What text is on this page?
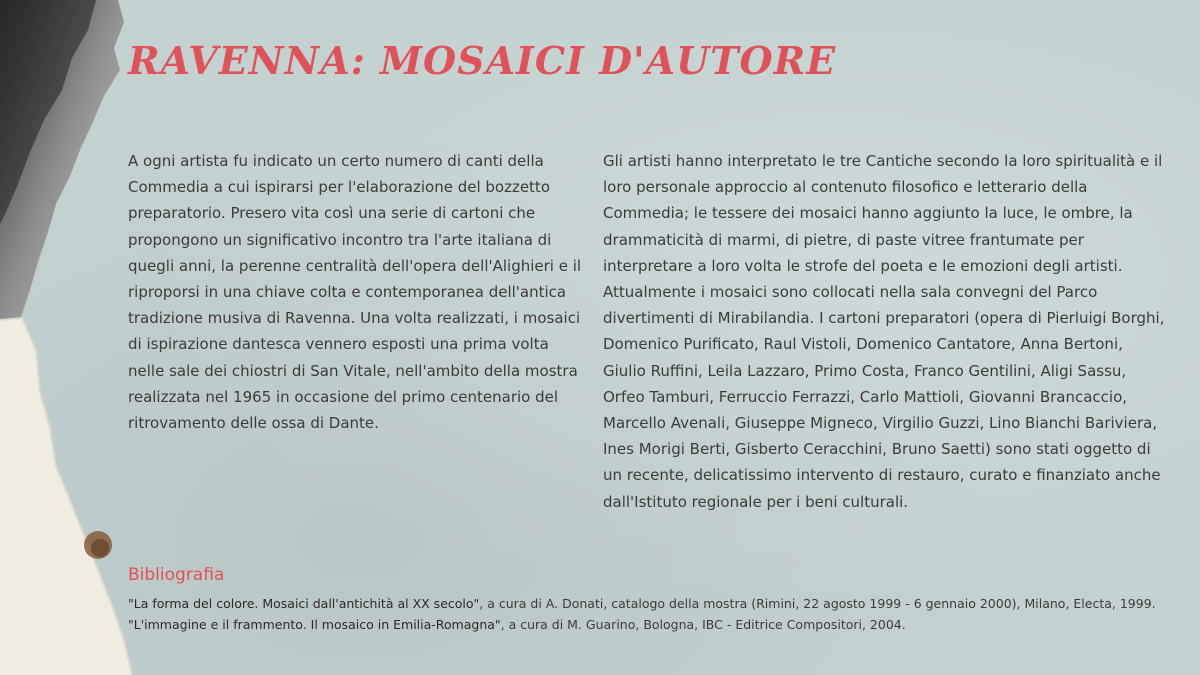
RAVENNA: MOSAICI D'AUTORE

A ogni artista fu indicato un certo numero di canti della Commedia a cui ispirarsi per l'elaborazione del bozzetto preparatorio. Presero vita così una serie di cartoni che propongono un significativo incontro tra l'arte italiana di quegli anni, la perenne centralità dell'opera dell'Alighieri e il riproporsi in una chiave colta e contemporanea dell'antica tradizione musiva di Ravenna. Una volta realizzati, i mosaici di ispirazione dantesca vennero esposti una prima volta nelle sale dei chiostri di San Vitale, nell'ambito della mostra realizzata nel 1965 in occasione del primo centenario del ritrovamento delle ossa di Dante.

Gli artisti hanno interpretato le tre Cantiche secondo la loro spiritualità e il loro personale approccio al contenuto filosofico e letterario della Commedia; le tessere dei mosaici hanno aggiunto la luce, le ombre, la drammaticità di marmi, di pietre, di paste vitree frantumate per interpretare a loro volta le strofe del poeta e le emozioni degli artisti. Attualmente i mosaici sono collocati nella sala convegni del Parco divertimenti di Mirabilandia. I cartoni preparatori (opera di Pierluigi Borghi, Domenico Purificato, Raul Vistoli, Domenico Cantatore, Anna Bertoni, Giulio Ruffini, Leila Lazzaro, Primo Costa, Franco Gentilini, Aligi Sassu, Orfeo Tamburi, Ferruccio Ferrazzi, Carlo Mattioli, Giovanni Brancaccio, Marcello Avenali, Giuseppe Migneco, Virgilio Guzzi, Lino Bianchi Bariviera, Ines Morigi Berti, Gisberto Ceracchini, Bruno Saetti) sono stati oggetto di un recente, delicatissimo intervento di restauro, curato e finanziato anche dall'Istituto regionale per i beni culturali.

Bibliografia
"La forma del colore. Mosaici dall'antichità al XX secolo", a cura di A. Donati, catalogo della mostra (Rimini, 22 agosto 1999 - 6 gennaio 2000), Milano, Electa, 1999.
"L'immagine e il frammento. Il mosaico in Emilia-Romagna", a cura di M. Guarino, Bologna, IBC - Editrice Compositori, 2004.
